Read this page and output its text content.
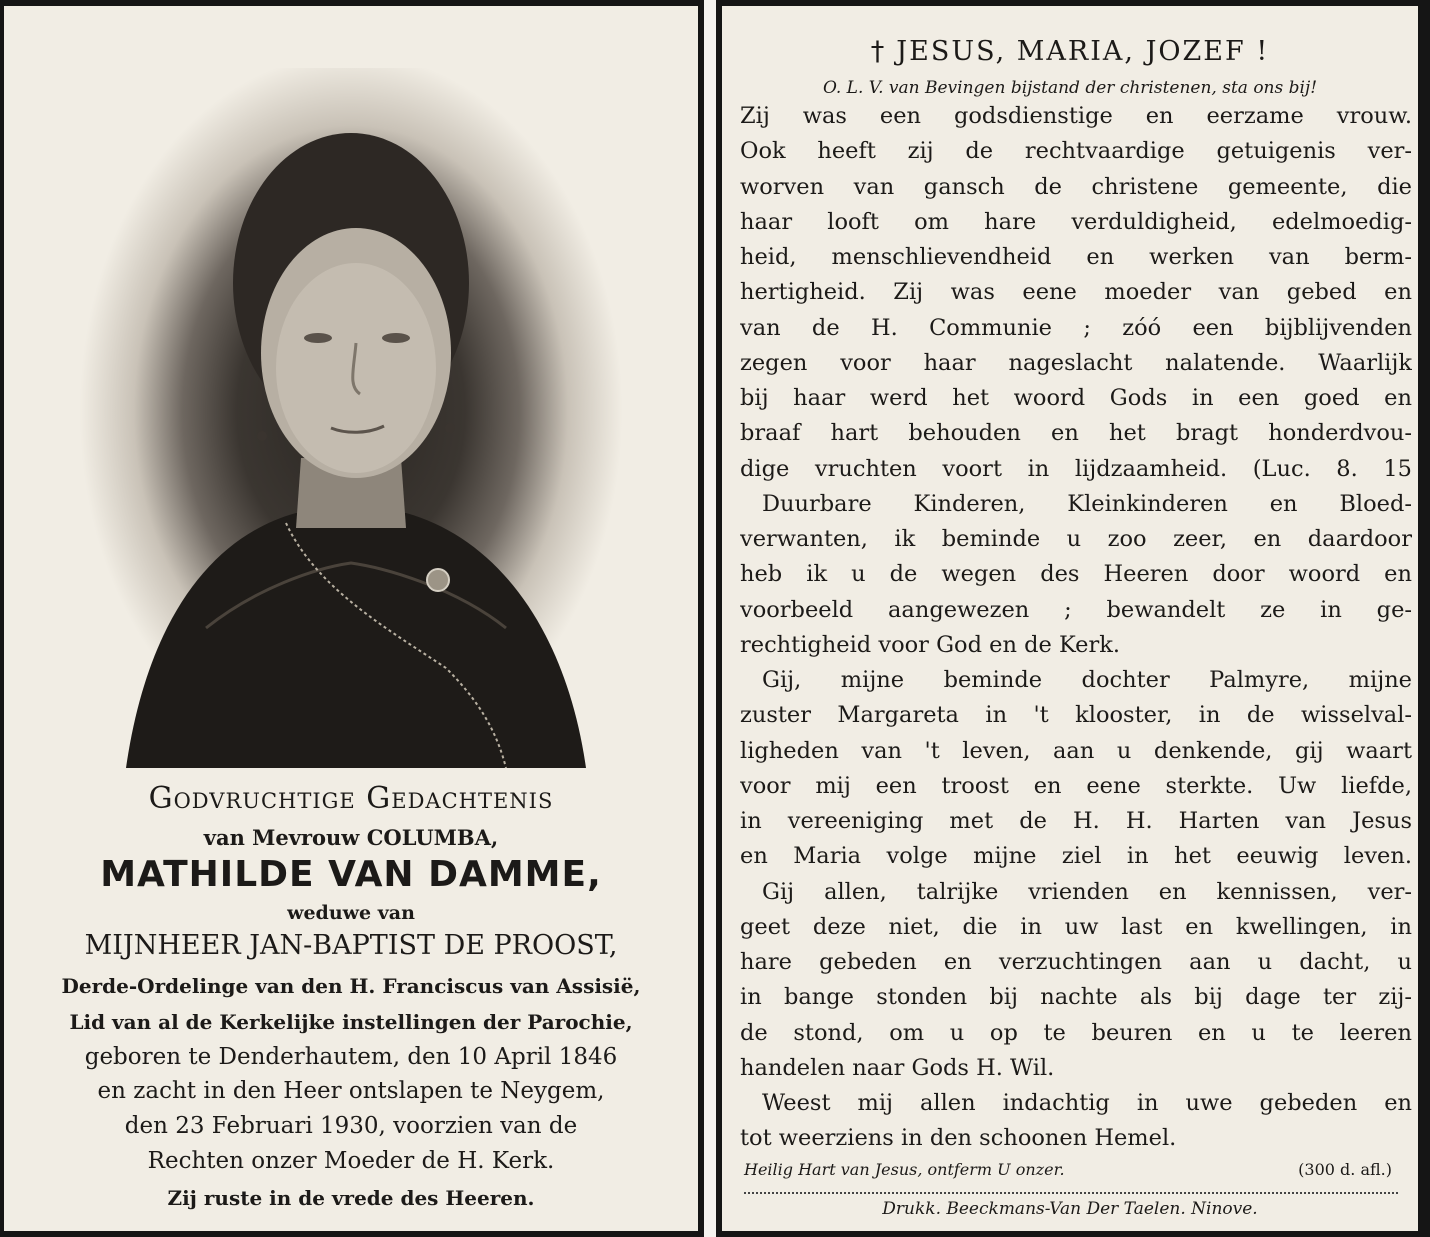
Godvruchtige Gedachtenis
van Mevrouw COLUMBA,
MATHILDE VAN DAMME,
weduwe van
MIJNHEER JAN-BAPTIST DE PROOST,
Derde-Ordelinge van den H. Franciscus van Assisië,
Lid van al de Kerkelijke instellingen der Parochie,
geboren te Denderhautem, den 10 April 1846
en zacht in den Heer ontslapen te Neygem,
den 23 Februari 1930, voorzien van de
Rechten onzer Moeder de H. Kerk.
Zij ruste in de vrede des Heeren.
† JESUS, MARIA, JOZEF !
O. L. V. van Bevingen bijstand der christenen, sta ons bij!
Zij was een godsdienstige en eerzame vrouw.
Ook heeft zij de rechtvaardige getuigenis ver-
worven van gansch de christene gemeente, die
haar looft om hare verduldigheid, edelmoedig-
heid, menschlievendheid en werken van berm-
hertigheid. Zij was eene moeder van gebed en
van de H. Communie ; zóó een bijblijvenden
zegen voor haar nageslacht nalatende. Waarlijk
bij haar werd het woord Gods in een goed en
braaf hart behouden en het bragt honderdvou-
dige vruchten voort in lijdzaamheid. (Luc. 8. 15
Duurbare Kinderen, Kleinkinderen en Bloed-
verwanten, ik beminde u zoo zeer, en daardoor
heb ik u de wegen des Heeren door woord en
voorbeeld aangewezen ; bewandelt ze in ge-
rechtigheid voor God en de Kerk.
Gij, mijne beminde dochter Palmyre, mijne
zuster Margareta in 't klooster, in de wisselval-
ligheden van 't leven, aan u denkende, gij waart
voor mij een troost en eene sterkte. Uw liefde,
in vereeniging met de H. H. Harten van Jesus
en Maria volge mijne ziel in het eeuwig leven.
Gij allen, talrijke vrienden en kennissen, ver-
geet deze niet, die in uw last en kwellingen, in
hare gebeden en verzuchtingen aan u dacht, u
in bange stonden bij nachte als bij dage ter zij-
de stond, om u op te beuren en u te leeren
handelen naar Gods H. Wil.
Weest mij allen indachtig in uwe gebeden en
tot weerziens in den schoonen Hemel.
Heilig Hart van Jesus, ontferm U onzer.	(300 d. afl.)
Drukk. Beeckmans-Van Der Taelen. Ninove.
